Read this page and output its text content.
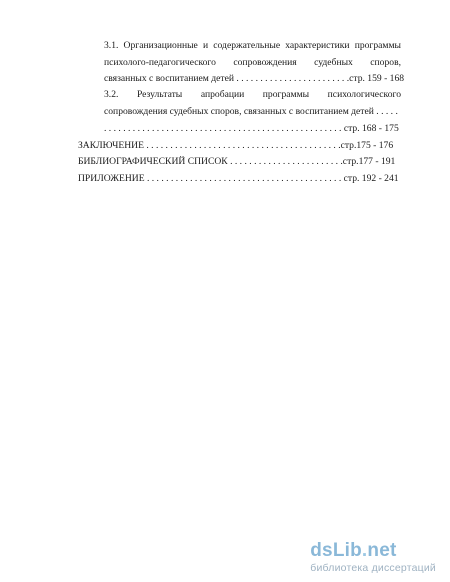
3.1. Организационные и содержательные характеристики программы
психолого-педагогического сопровождения судебных споров,
связанных с воспитанием детей . . . . . . . . . . . . . . . . . . . . . . . .стр. 159 - 168
3.2. Результаты апробации программы психологического
сопровождения судебных споров, связанных с воспитанием детей . . . . .
. . . . . . . . . . . . . . . . . . . . . . . . . . . . . . . . . . . . . . . . . . . . . . . . . . стр. 168 - 175
ЗАКЛЮЧЕНИЕ . . . . . . . . . . . . . . . . . . . . . . . . . . . . . . . . . . . . . . . . .стр.175 - 176
БИБЛИОГРАФИЧЕСКИЙ СПИСОК . . . . . . . . . . . . . . . . . . . . . . . .стр.177 - 191
ПРИЛОЖЕНИЕ . . . . . . . . . . . . . . . . . . . . . . . . . . . . . . . . . . . . . . . . . стр. 192 - 241
dsLib.net
библиотека диссертаций
